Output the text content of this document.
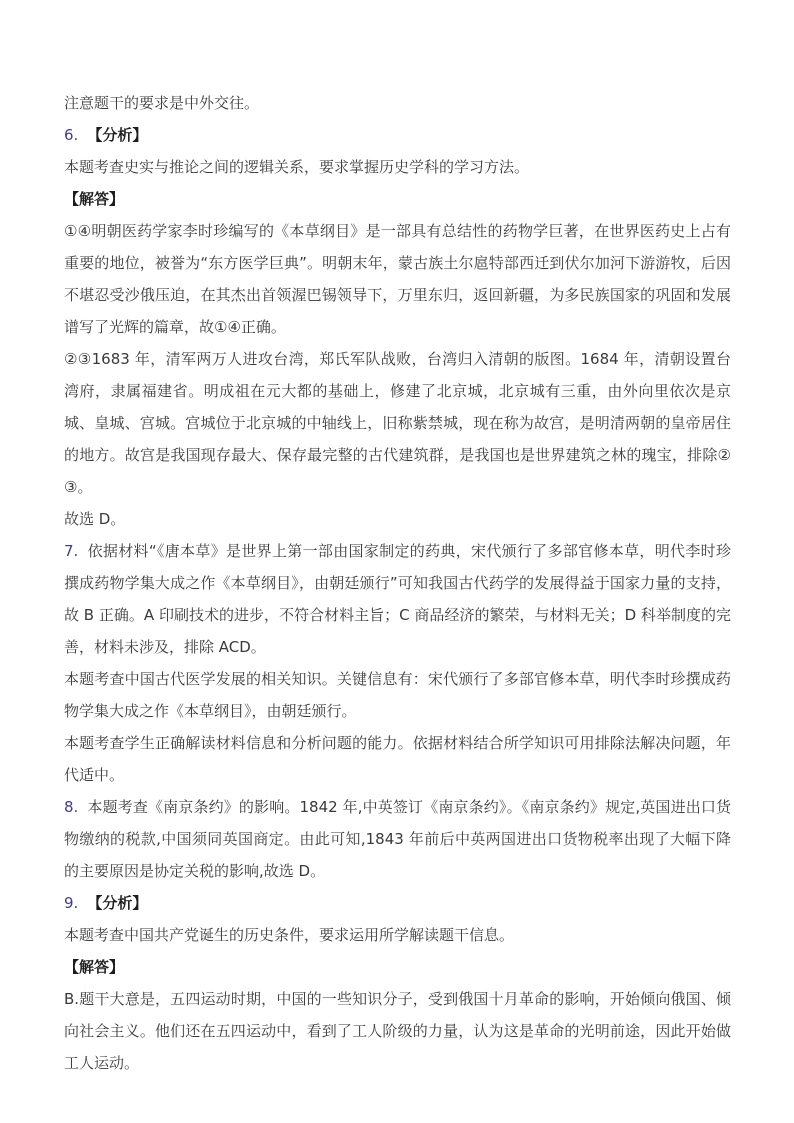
注意题干的要求是中外交往。

6. 【分析】

本题考查史实与推论之间的逻辑关系，要求掌握历史学科的学习方法。

【解答】

①④明朝医药学家李时珍编写的《本草纲目》是一部具有总结性的药物学巨著，在世界医药史上占有重要的地位，被誉为“东方医学巨典”。明朝末年，蒙古族土尔扈特部西迁到伏尔加河下游游牧，后因不堪忍受沙俄压迫，在其杰出首领渥巴锡领导下，万里东归，返回新疆，为多民族国家的巩固和发展谱写了光辉的篇章，故①④正确。

②③1683 年，清军两万人进攻台湾，郑氏军队战败，台湾归入清朝的版图。1684 年，清朝设置台湾府，隶属福建省。明成祖在元大都的基础上，修建了北京城，北京城有三重，由外向里依次是京城、皇城、宫城。宫城位于北京城的中轴线上，旧称紫禁城，现在称为故宫，是明清两朝的皇帝居住的地方。故宫是我国现存最大、保存最完整的古代建筑群，是我国也是世界建筑之林的瑰宝，排除②③。

故选 D。

7. 依据材料“《唐本草》是世界上第一部由国家制定的药典，宋代颁行了多部官修本草，明代李时珍撰成药物学集大成之作《本草纲目》，由朝廷颁行”可知我国古代药学的发展得益于国家力量的支持，故 B 正确。A 印刷技术的进步，不符合材料主旨；C 商品经济的繁荣，与材料无关；D 科举制度的完善，材料未涉及，排除 ACD。

本题考查中国古代医学发展的相关知识。关键信息有：宋代颁行了多部官修本草，明代李时珍撰成药物学集大成之作《本草纲目》，由朝廷颁行。

本题考查学生正确解读材料信息和分析问题的能力。依据材料结合所学知识可用排除法解决问题，年代适中。

8. 本题考查《南京条约》的影响。1842 年,中英签订《南京条约》。《南京条约》规定,英国进出口货物缴纳的税款,中国须同英国商定。由此可知,1843 年前后中英两国进出口货物税率出现了大幅下降的主要原因是协定关税的影响,故选 D。

9. 【分析】

本题考查中国共产党诞生的历史条件，要求运用所学解读题干信息。

【解答】

B.题干大意是，五四运动时期，中国的一些知识分子，受到俄国十月革命的影响，开始倾向俄国、倾向社会主义。他们还在五四运动中，看到了工人阶级的力量，认为这是革命的光明前途，因此开始做工人运动。
